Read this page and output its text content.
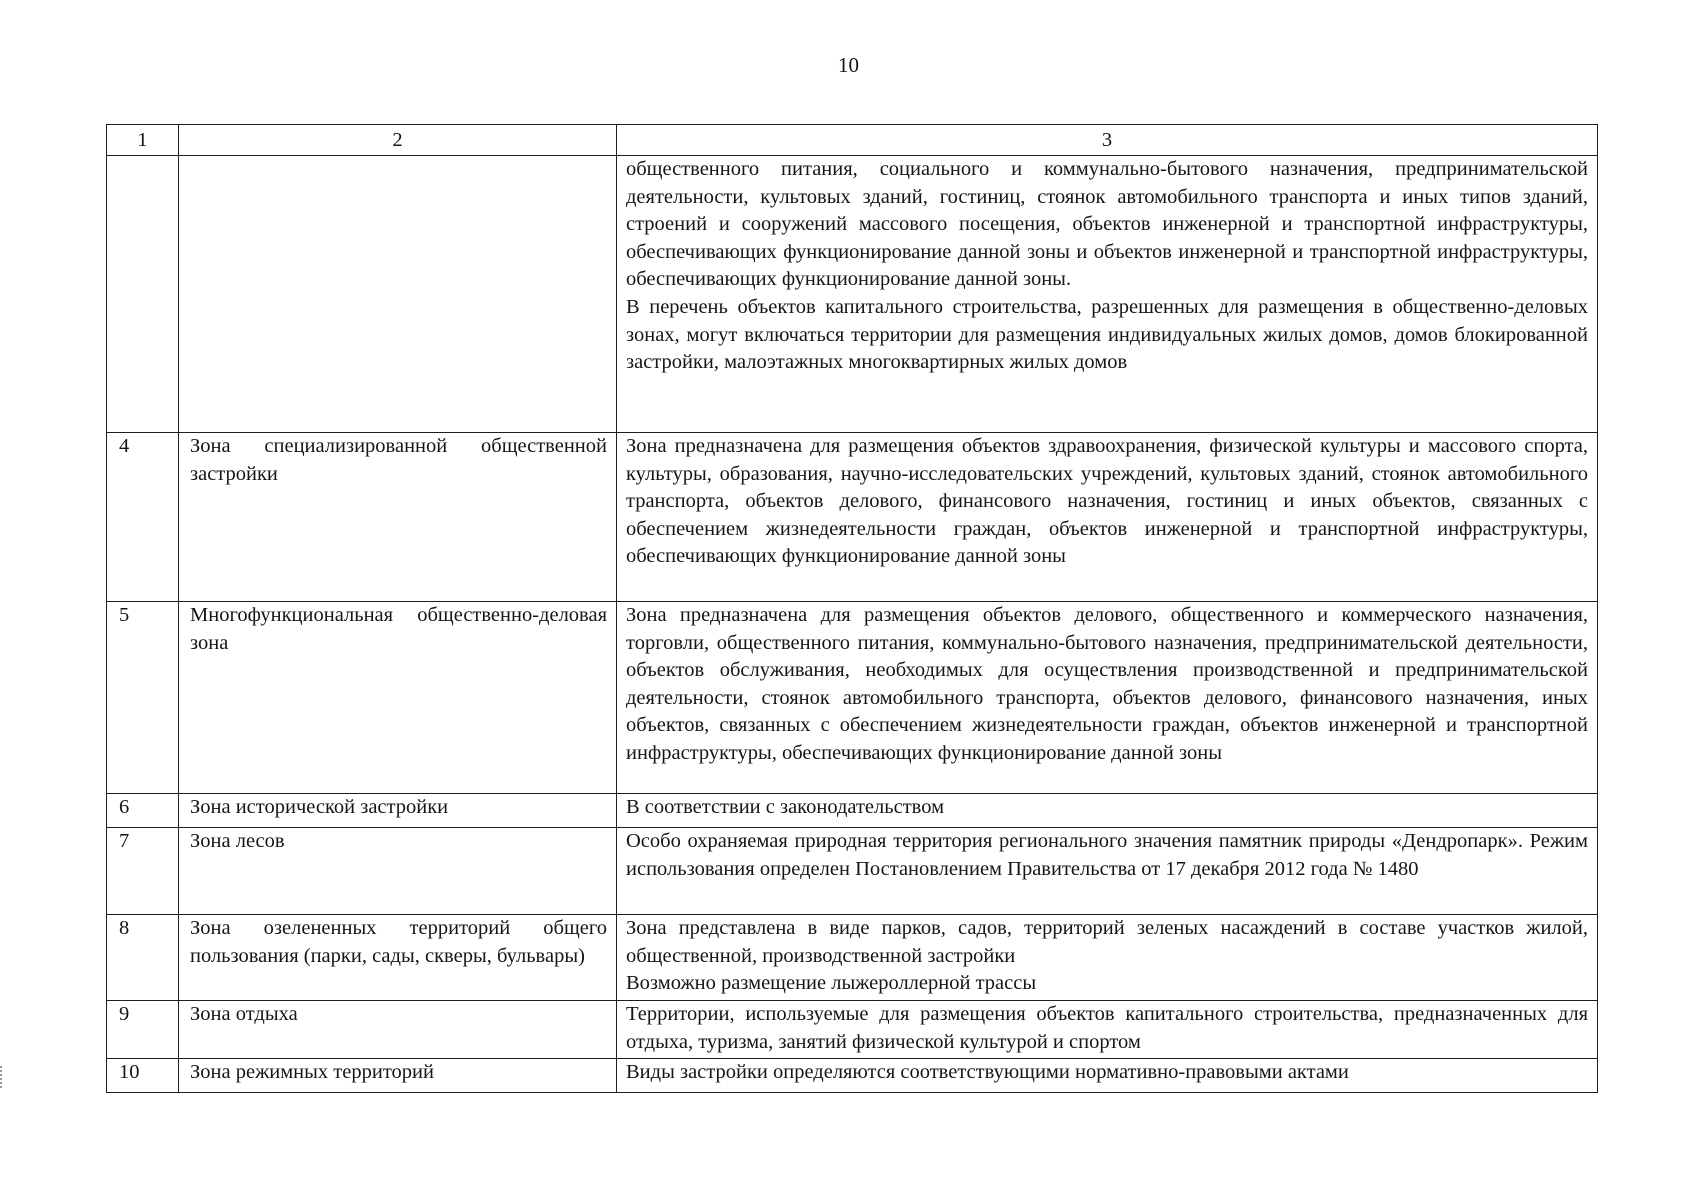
10
1	2	3

		общественного питания, социального и коммунально-бытового назначения, предпринимательской деятельности, культовых зданий, гостиниц, стоянок автомобильного транспорта и иных типов зданий, строений и сооружений массового посещения, объектов инженерной и транспортной инфраструктуры, обеспечивающих функционирование данной зоны и объектов инженерной и транспортной инфраструктуры, обеспечивающих функционирование данной зоны.

В перечень объектов капитального строительства, разрешенных для размещения в общественно-деловых зонах, могут включаться территории для размещения индивидуальных жилых домов, домов блокированной застройки, малоэтажных многоквартирных жилых домов

4	Зона специализированной общественной застройки	Зона предназначена для размещения объектов здравоохранения, физической культуры и массового спорта, культуры, образования, научно-исследовательских учреждений, культовых зданий, стоянок автомобильного транспорта, объектов делового, финансового назначения, гостиниц и иных объектов, связанных с обеспечением жизнедеятельности граждан, объектов инженерной и транспортной инфраструктуры, обеспечивающих функционирование данной зоны

5	Многофункциональная общественно-деловая зона	Зона предназначена для размещения объектов делового, общественного и коммерческого назначения, торговли, общественного питания, коммунально-бытового назначения, предпринимательской деятельности, объектов обслуживания, необходимых для осуществления производственной и предпринимательской деятельности, стоянок автомобильного транспорта, объектов делового, финансового назначения, иных объектов, связанных с обеспечением жизнедеятельности граждан, объектов инженерной и транспортной инфраструктуры, обеспечивающих функционирование данной зоны

6	Зона исторической застройки	В соответствии с законодательством

7	Зона лесов	Особо охраняемая природная территория регионального значения памятник природы «Дендропарк». Режим использования определен Постановлением Правительства от 17 декабря 2012 года № 1480

8	Зона озелененных территорий общего пользования (парки, сады, скверы, бульвары)	Зона представлена в виде парков, садов, территорий зеленых насаждений в составе участков жилой, общественной, производственной застройки

Возможно размещение лыжероллерной трассы

9	Зона отдыха	Территории, используемые для размещения объектов капитального строительства, предназначенных для отдыха, туризма, занятий физической культурой и спортом

10	Зона режимных территорий	Виды застройки определяются соответствующими нормативно-правовыми актами
